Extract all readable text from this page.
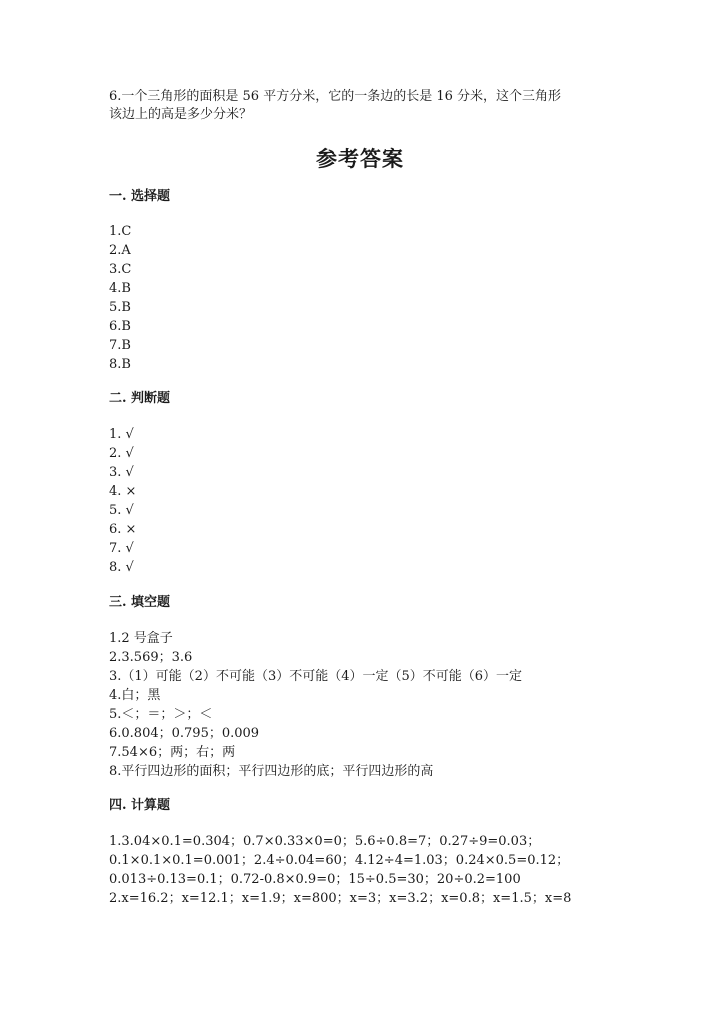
6.一个三角形的面积是 56 平方分米，它的一条边的长是 16 分米，这个三角形
该边上的高是多少分米？
参考答案
一. 选择题
1.C
2.A
3.C
4.B
5.B
6.B
7.B
8.B
二. 判断题
1. √
2. √
3. √
4. ×
5. √
6. ×
7. √
8. √
三. 填空题
1.2 号盒子
2.3.569；3.6
3.（1）可能（2）不可能（3）不可能（4）一定（5）不可能（6）一定
4.白；黑
5.＜；＝；＞；＜
6.0.804；0.795；0.009
7.54×6；两；右；两
8.平行四边形的面积；平行四边形的底；平行四边形的高
四. 计算题
1.3.04×0.1=0.304；0.7×0.33×0=0；5.6÷0.8=7；0.27÷9=0.03；
0.1×0.1×0.1=0.001；2.4÷0.04=60；4.12÷4=1.03；0.24×0.5=0.12；
0.013÷0.13=0.1；0.72-0.8×0.9=0；15÷0.5=30；20÷0.2=100
2.x=16.2；x=12.1；x=1.9；x=800；x=3；x=3.2；x=0.8；x=1.5；x=8
